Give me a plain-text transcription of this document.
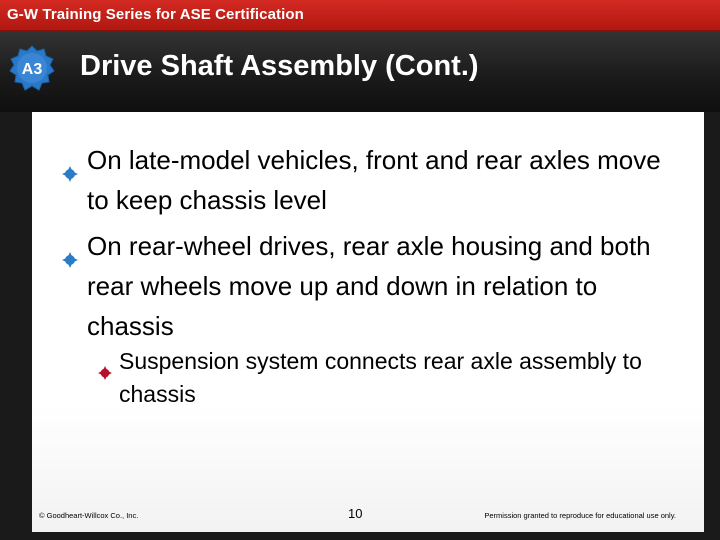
G-W Training Series for ASE Certification
A3 Drive Shaft Assembly (Cont.)
On late-model vehicles, front and rear axles move to keep chassis level
On rear-wheel drives, rear axle housing and both rear wheels move up and down in relation to chassis
Suspension system connects rear axle assembly to chassis
© Goodheart-Willcox Co., Inc.	10	Permission granted to reproduce for educational use only.
